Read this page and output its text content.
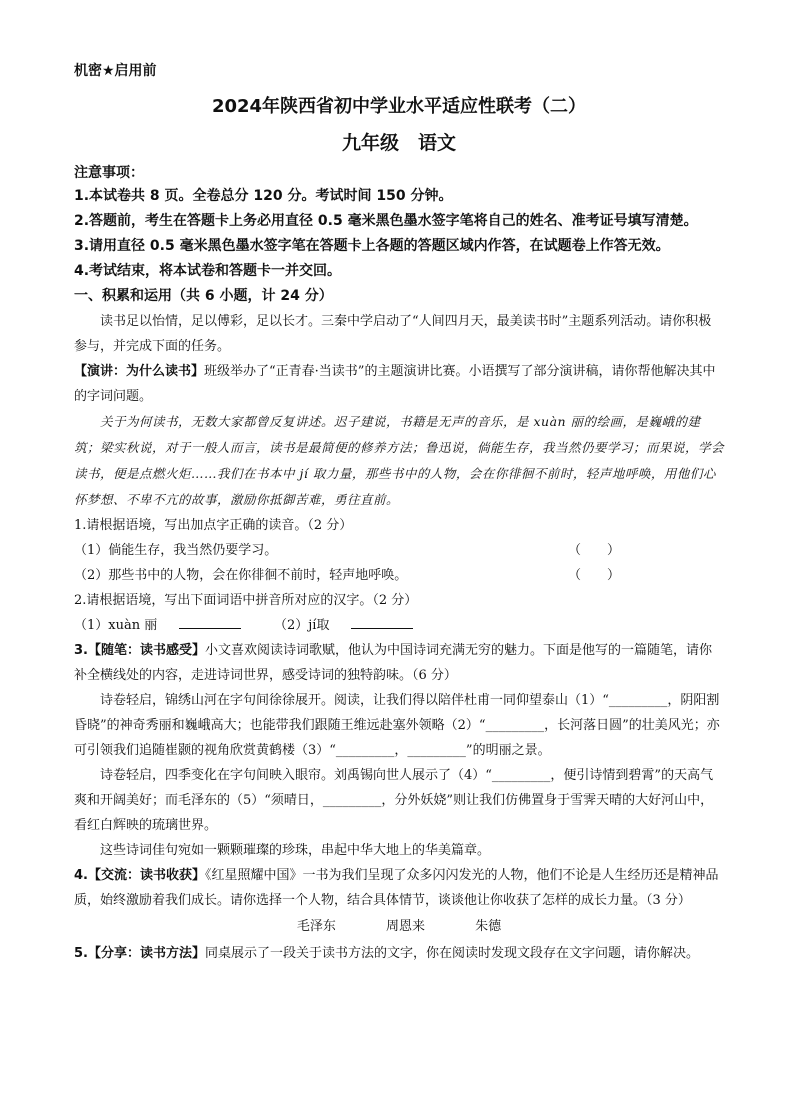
机密★启用前
2024年陕西省初中学业水平适应性联考（二）
九年级　语文
注意事项：
1.本试卷共 8 页。全卷总分 120 分。考试时间 150 分钟。
2.答题前，考生在答题卡上务必用直径 0.5 毫米黑色墨水签字笔将自己的姓名、准考证号填写清楚。
3.请用直径 0.5 毫米黑色墨水签字笔在答题卡上各题的答题区域内作答，在试题卷上作答无效。
4.考试结束，将本试卷和答题卡一并交回。
一、积累和运用（共 6 小题，计 24 分）
读书足以怡情，足以傅彩，足以长才。三秦中学启动了“人间四月天，最美读书时”主题系列活动。请你积极参与，并完成下面的任务。
【演讲：为什么读书】班级举办了“正青春·当读书”的主题演讲比赛。小语撰写了部分演讲稿，请你帮他解决其中的字词问题。
关于为何读书，无数大家都曾反复讲述。迟子建说，书籍是无声的音乐，是 xuàn 丽的绘画，是巍峨的建筑；梁实秋说，对于一般人而言，读书是最简便的修养方法；鲁迅说，倘能生存，我当然仍要学习；而果说，学会读书，便是点燃火炬……我们在书本中 jí 取力量，那些书中的人物，会在你徘徊不前时，轻声地呼唤，用他们心怀梦想、不卑不亢的故事，激励你抵御苦难，勇往直前。
1.请根据语境，写出加点字正确的读音。（2 分）
（1）倘能生存，我当然仍要学习。	（　　）
（2）那些书中的人物，会在你徘徊不前时，轻声地呼唤。	（　　）
2.请根据语境，写出下面词语中拼音所对应的汉字。（2 分）
（1）xuàn 丽	（2）jí取
3.【随笔：读书感受】小文喜欢阅读诗词歌赋，他认为中国诗词充满无穷的魅力。下面是他写的一篇随笔，请你补全横线处的内容，走进诗词世界，感受诗词的独特韵味。（6 分）
诗卷轻启，锦绣山河在字句间徐徐展开。阅读，让我们得以陪伴杜甫一同仰望泰山（1）“_________，阴阳割昏晓”的神奇秀丽和巍峨高大；也能带我们跟随王维远赴塞外领略（2）“_________，长河落日圆”的壮美风光；亦可引领我们追随崔颢的视角欣赏黄鹤楼（3）“_________，_________”的明丽之景。
诗卷轻启，四季变化在字句间映入眼帘。刘禹锡向世人展示了（4）“_________，便引诗情到碧霄”的天高气爽和开阔美好；而毛泽东的（5）“须晴日，_________，分外妖娆”则让我们仿佛置身于雪霁天晴的大好河山中，看红白辉映的琉璃世界。
这些诗词佳句宛如一颗颗璀璨的珍珠，串起中华大地上的华美篇章。
4.【交流：读书收获】《红星照耀中国》一书为我们呈现了众多闪闪发光的人物，他们不论是人生经历还是精神品质，始终激励着我们成长。请你选择一个人物，结合具体情节，谈谈他让你收获了怎样的成长力量。（3 分）
毛泽东	周恩来	朱德
5.【分享：读书方法】同桌展示了一段关于读书方法的文字，你在阅读时发现文段存在文字问题，请你解决。
